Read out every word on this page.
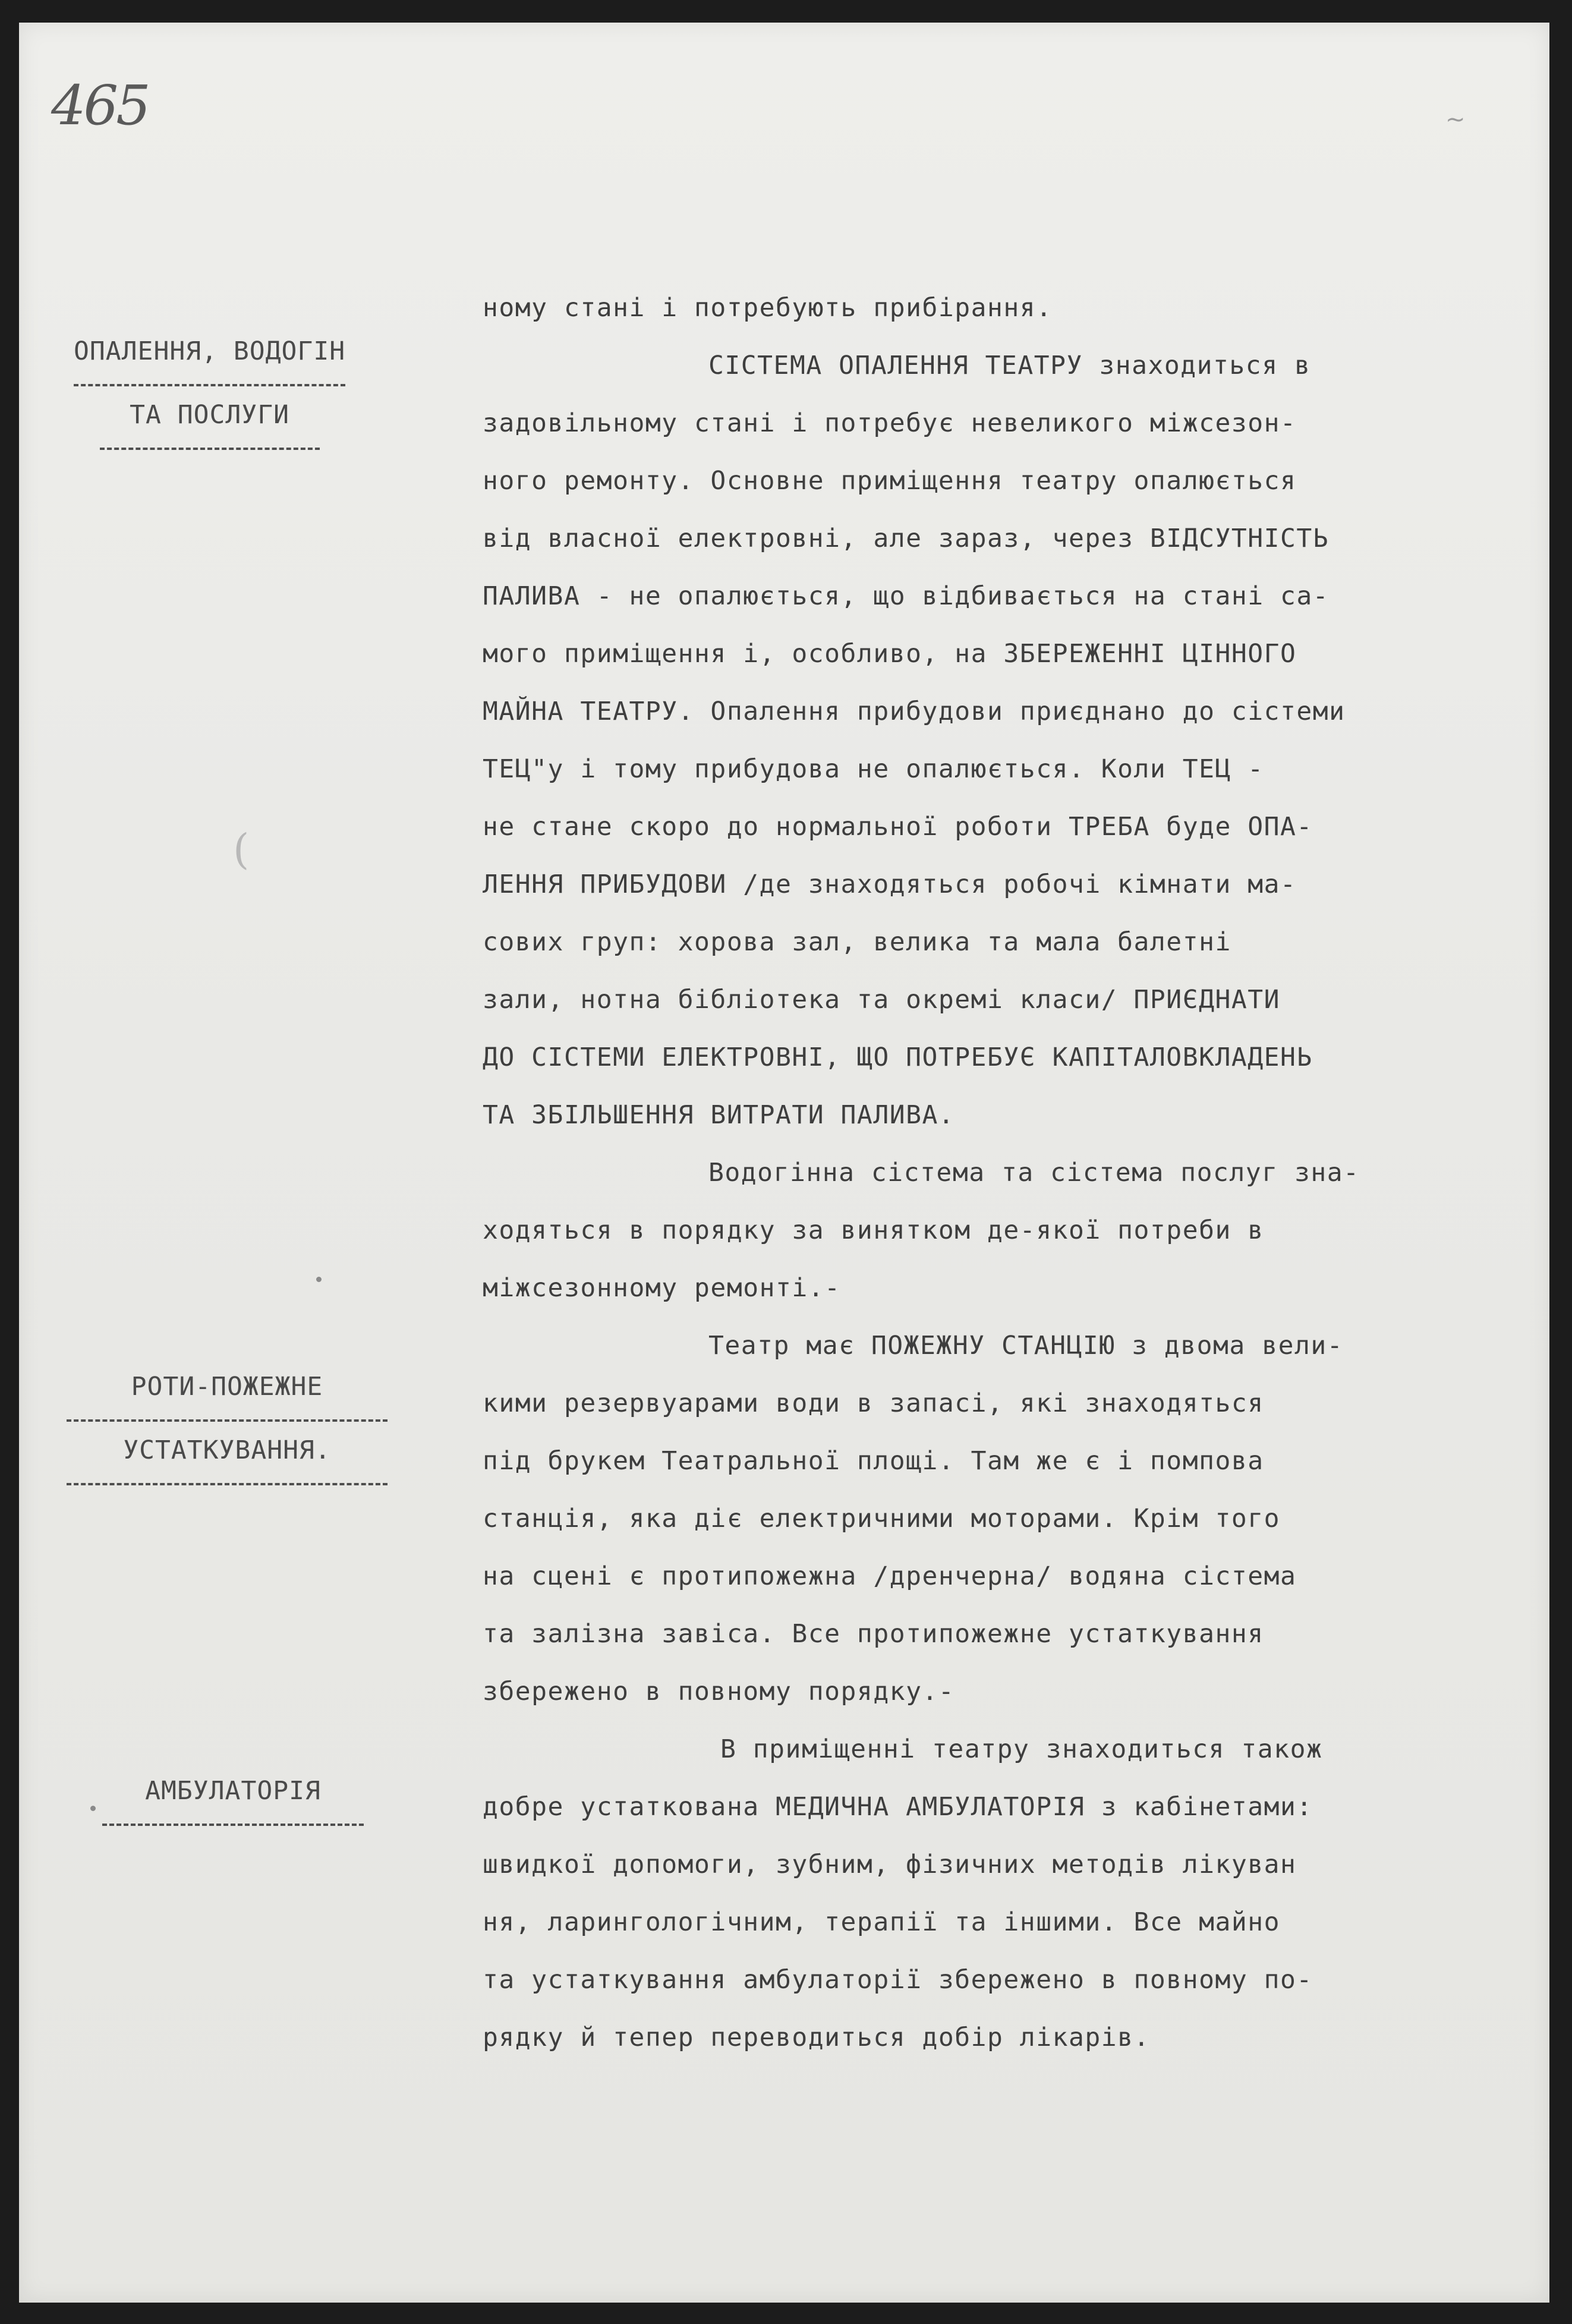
465	~
(
ОПАЛЕННЯ, ВОДОГІН
ТА ПОСЛУГИ
РОТИ-ПОЖЕЖНЕ
УСТАТКУВАННЯ.
АМБУЛАТОРІЯ
ному стані і потребують прибірання.
СІСТЕМА ОПАЛЕННЯ ТЕАТРУ знаходиться в
задовільному стані і потребує невеликого міжсезон-
ного ремонту. Основне приміщення театру опалюється
від власної електровні, але зараз, через ВІДСУТНІСТЬ
ПАЛИВА - не опалюється, що відбивається на стані са-
мого приміщення і, особливо, на ЗБЕРЕЖЕННІ ЦІННОГО
МАЙНА ТЕАТРУ. Опалення прибудови приєднано до сістеми
ТЕЦ"у і тому прибудова не опалюється. Коли ТЕЦ -
не стане скоро до нормальної роботи ТРЕБА буде ОПА-
ЛЕННЯ ПРИБУДОВИ /де знаходяться робочі кімнати ма-
сових груп: хорова зал, велика та мала балетні
зали, нотна бібліотека та окремі класи/ ПРИЄДНАТИ
ДО СІСТЕМИ ЕЛЕКТРОВНІ, ЩО ПОТРЕБУЄ КАПІТАЛОВКЛАДЕНЬ
ТА ЗБІЛЬШЕННЯ ВИТРАТИ ПАЛИВА.
Водогінна сістема та сістема послуг зна-
ходяться в порядку за винятком де-якої потреби в
міжсезонному ремонті.-
Театр має ПОЖЕЖНУ СТАНЦІЮ з двома вели-
кими резервуарами води в запасі, які знаходяться
під брукем Театральної площі. Там же є і помпова
станція, яка діє електричними моторами. Крім того
на сцені є протипожежна /дренчерна/ водяна сістема
та залізна завіса. Все протипожежне устаткування
збережено в повному порядку.-
В приміщенні театру знаходиться також
добре устаткована МЕДИЧНА АМБУЛАТОРІЯ з кабінетами:
швидкої допомоги, зубним, фізичних методів лікуван
ня, ларингологічним, терапії та іншими. Все майно
та устаткування амбулаторії збережено в повному по-
рядку й тепер переводиться добір лікарів.
